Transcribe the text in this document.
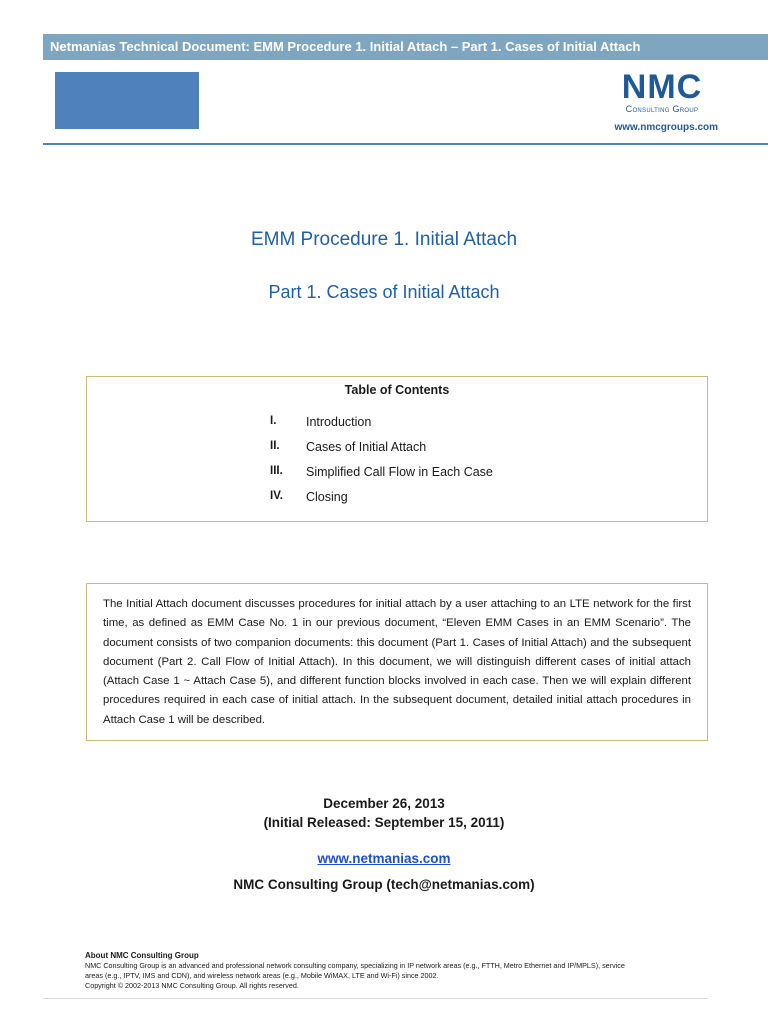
Netmanias Technical Document: EMM Procedure 1. Initial Attach – Part 1. Cases of Initial Attach
NMC
Consulting Group
www.nmcgroups.com
EMM Procedure 1. Initial Attach
Part 1. Cases of Initial Attach
Table of Contents
I. Introduction
II. Cases of Initial Attach
III. Simplified Call Flow in Each Case
IV. Closing

The Initial Attach document discusses procedures for initial attach by a user attaching to an LTE network for the first time, as defined as EMM Case No. 1 in our previous document, “Eleven EMM Cases in an EMM Scenario”. The document consists of two companion documents: this document (Part 1. Cases of Initial Attach) and the subsequent document (Part 2. Call Flow of Initial Attach). In this document, we will distinguish different cases of initial attach (Attach Case 1 ~ Attach Case 5), and different function blocks involved in each case. Then we will explain different procedures required in each case of initial attach. In the subsequent document, detailed initial attach procedures in Attach Case 1 will be described.

December 26, 2013
(Initial Released: September 15, 2011)
www.netmanias.com
NMC Consulting Group (tech@netmanias.com)
About NMC Consulting Group
NMC Consulting Group is an advanced and professional network consulting company, specializing in IP network areas (e.g., FTTH, Metro Ethernet and IP/MPLS), service
areas (e.g., IPTV, IMS and CDN), and wireless network areas (e.g., Mobile WiMAX, LTE and Wi-Fi) since 2002.
Copyright © 2002-2013 NMC Consulting Group. All rights reserved.
